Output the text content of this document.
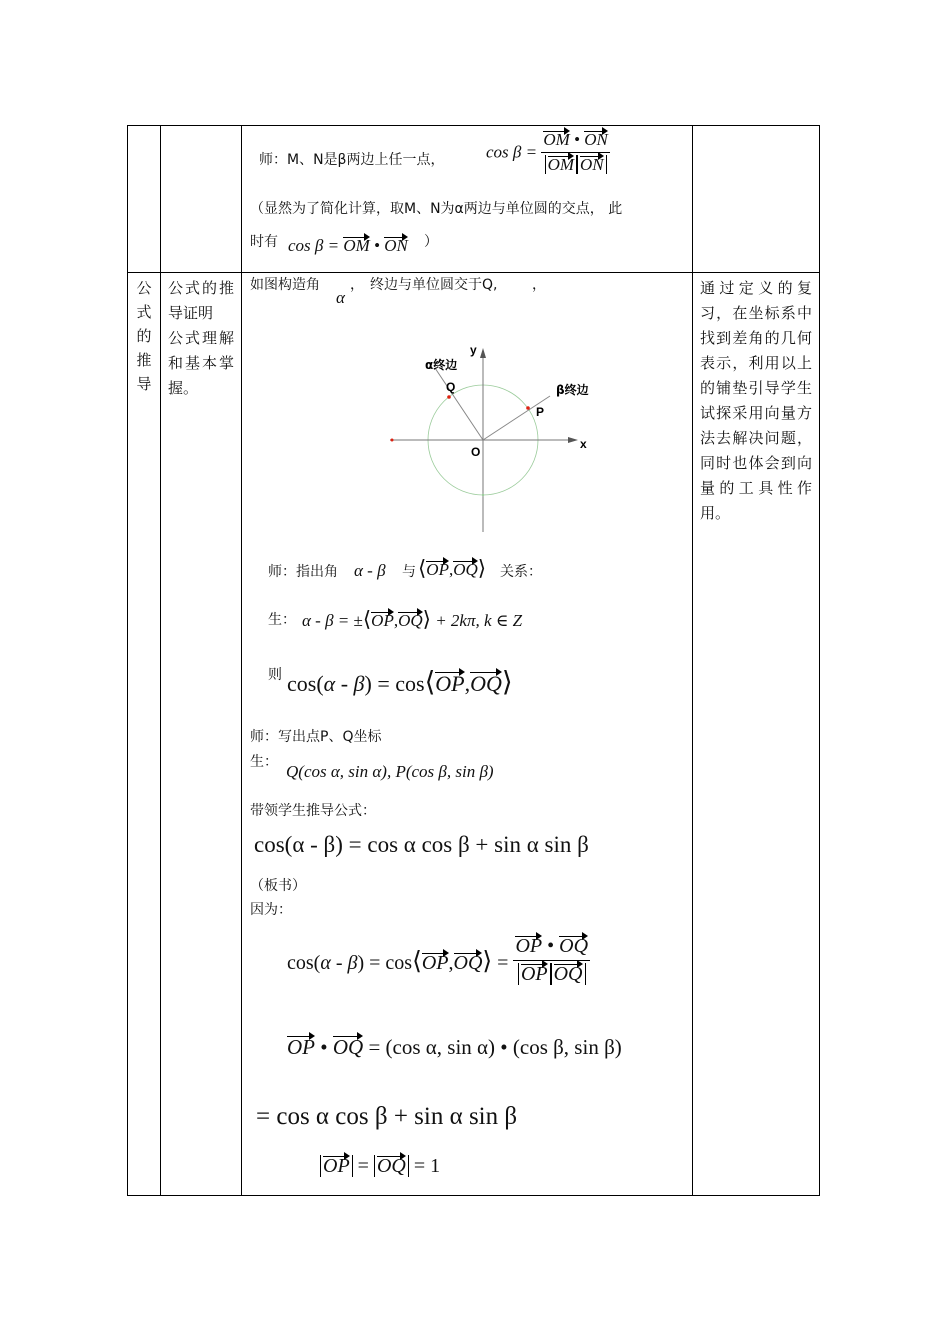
师：M、N是β两边上任一点， $\cos \beta = \frac{OM • ON}{\text{OM ON}}$
（显然为了简化计算，取M、N为α两边与单位圆的交点， 此
时有 cos β = OM • ON ）
公
式
的
推
导
公式的推导证明
公式理解和基本掌握。
通过定义的复习，在坐标系中找到差角的几何表示，利用以上的铺垫引导学生试探采用向量方法去解决问题，同时也体会到向量的工具性作用。
如图构造角
α
， 终边与单位圆交于Q, ，
y
x
O
Q
P
α终边
β终边
师：指出角 α - β 与 ⟨OP,OQ⟩ 关系：
生： α - β = ±⟨OP,OQ⟩ + 2kπ, k ∈ Z
则 cos(α - β) = cos⟨OP,OQ⟩
师：写出点P、Q坐标
生： Q(cos α, sin α), P(cos β, sin β)
带领学生推导公式：
cos(α - β) = cos α cos β + sin α sin β
（板书）
因为：
cos(α - β) = cos⟨OP,OQ⟩ = $\frac{OP • OQ}{\text{OP OQ}}$
OP • OQ = (cos α, sin α) • (cos β, sin β)
= cos α cos β + sin α sin β
OP = OQ = 1
